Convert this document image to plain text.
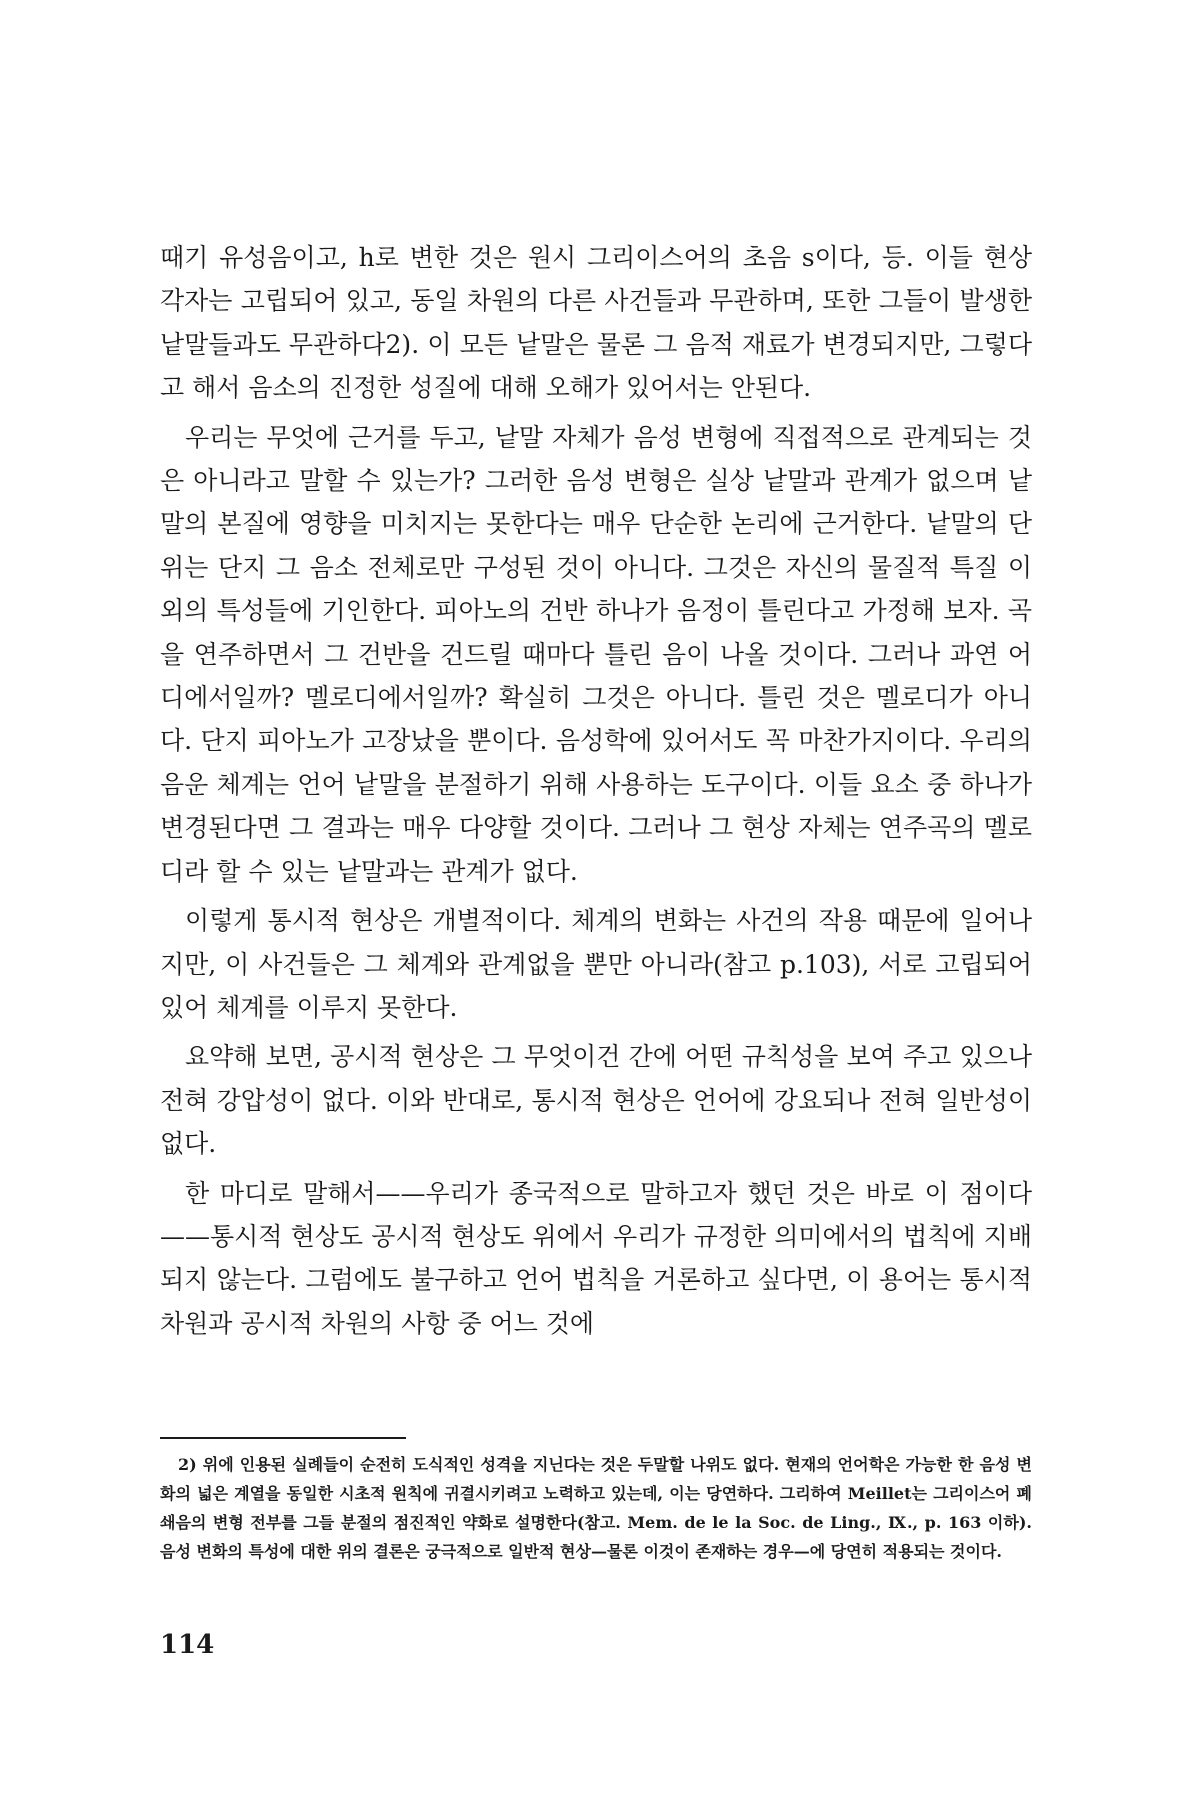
때기 유성음이고, h로 변한 것은 원시 그리이스어의 초음 s이다, 등. 이들 현상 각자는 고립되어 있고, 동일 차원의 다른 사건들과 무관하며, 또한 그들이 발생한 낱말들과도 무관하다2). 이 모든 낱말은 물론 그 음적 재료가 변경되지만, 그렇다고 해서 음소의 진정한 성질에 대해 오해가 있어서는 안된다.

우리는 무엇에 근거를 두고, 낱말 자체가 음성 변형에 직접적으로 관계되는 것은 아니라고 말할 수 있는가? 그러한 음성 변형은 실상 낱말과 관계가 없으며 낱말의 본질에 영향을 미치지는 못한다는 매우 단순한 논리에 근거한다. 낱말의 단위는 단지 그 음소 전체로만 구성된 것이 아니다. 그것은 자신의 물질적 특질 이외의 특성들에 기인한다. 피아노의 건반 하나가 음정이 틀린다고 가정해 보자. 곡을 연주하면서 그 건반을 건드릴 때마다 틀린 음이 나올 것이다. 그러나 과연 어디에서일까? 멜로디에서일까? 확실히 그것은 아니다. 틀린 것은 멜로디가 아니다. 단지 피아노가 고장났을 뿐이다. 음성학에 있어서도 꼭 마찬가지이다. 우리의 음운 체계는 언어 낱말을 분절하기 위해 사용하는 도구이다. 이들 요소 중 하나가 변경된다면 그 결과는 매우 다양할 것이다. 그러나 그 현상 자체는 연주곡의 멜로디라 할 수 있는 낱말과는 관계가 없다.

이렇게 통시적 현상은 개별적이다. 체계의 변화는 사건의 작용 때문에 일어나지만, 이 사건들은 그 체계와 관계없을 뿐만 아니라(참고 p.103), 서로 고립되어 있어 체계를 이루지 못한다.

요약해 보면, 공시적 현상은 그 무엇이건 간에 어떤 규칙성을 보여 주고 있으나 전혀 강압성이 없다. 이와 반대로, 통시적 현상은 언어에 강요되나 전혀 일반성이 없다.

한 마디로 말해서——우리가 종국적으로 말하고자 했던 것은 바로 이 점이다——통시적 현상도 공시적 현상도 위에서 우리가 규정한 의미에서의 법칙에 지배되지 않는다. 그럼에도 불구하고 언어 법칙을 거론하고 싶다면, 이 용어는 통시적 차원과 공시적 차원의 사항 중 어느 것에

2) 위에 인용된 실례들이 순전히 도식적인 성격을 지닌다는 것은 두말할 나위도 없다. 현재의 언어학은 가능한 한 음성 변화의 넓은 계열을 동일한 시초적 원칙에 귀결시키려고 노력하고 있는데, 이는 당연하다. 그리하여 Meillet는 그리이스어 폐쇄음의 변형 전부를 그들 분절의 점진적인 약화로 설명한다(참고. Mem. de le la Soc. de Ling., Ⅸ., p. 163 이하). 음성 변화의 특성에 대한 위의 결론은 궁극적으로 일반적 현상—물론 이것이 존재하는 경우—에 당연히 적용되는 것이다.

114
